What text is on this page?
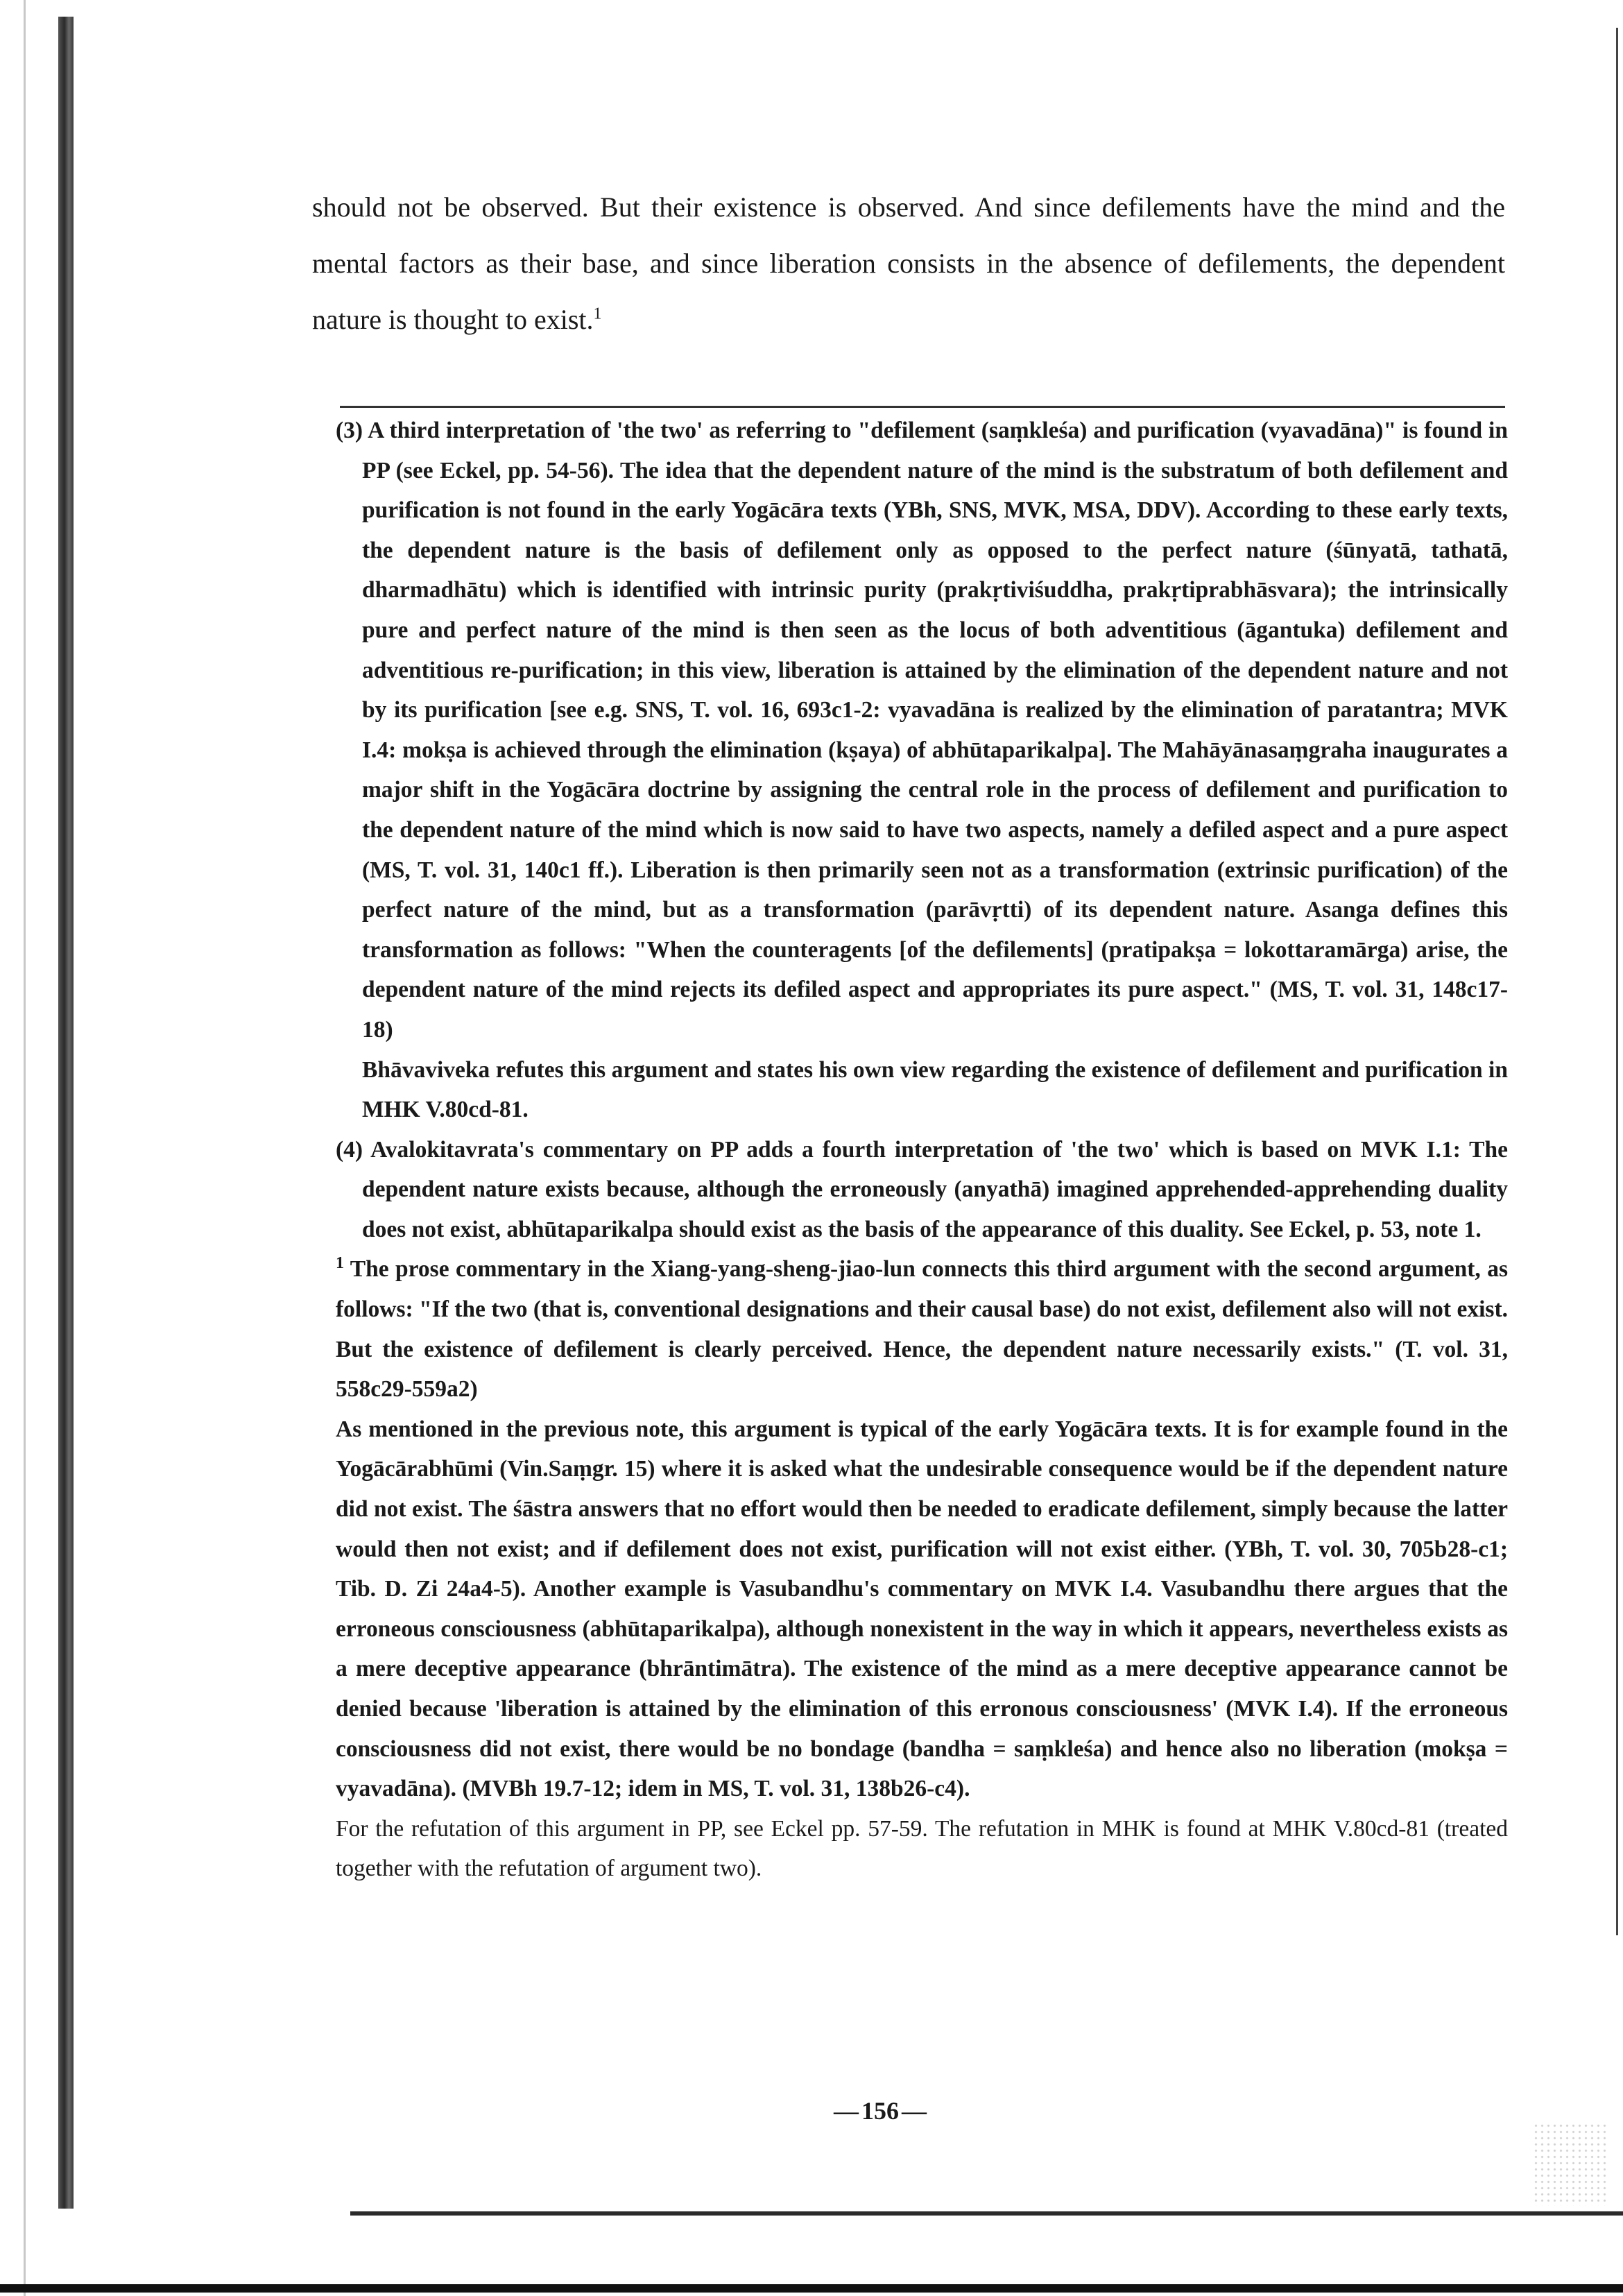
should not be observed. But their existence is observed. And since defilements have the mind and the mental factors as their base, and since liberation consists in the absence of defilements, the dependent nature is thought to exist.$^1$

(3) A third interpretation of 'the two' as referring to "defilement (saṃkleśa) and purification (vyavadāna)" is found in PP (see Eckel, pp. 54-56). The idea that the dependent nature of the mind is the substratum of both defilement and purification is not found in the early Yogācāra texts (YBh, SNS, MVK, MSA, DDV). According to these early texts, the dependent nature is the basis of defilement only as opposed to the perfect nature (śūnyatā, tathatā, dharmadhātu) which is identified with intrinsic purity (prakṛtiviśuddha, prakṛtiprabhāsvara); the intrinsically pure and perfect nature of the mind is then seen as the locus of both adventitious (āgantuka) defilement and adventitious re-purification; in this view, liberation is attained by the elimination of the dependent nature and not by its purification [see e.g. SNS, T. vol. 16, 693c1-2: vyavadāna is realized by the elimination of paratantra; MVK I.4: mokṣa is achieved through the elimination (kṣaya) of abhūtaparikalpa]. The Mahāyānasaṃgraha inaugurates a major shift in the Yogācāra doctrine by assigning the central role in the process of defilement and purification to the dependent nature of the mind which is now said to have two aspects, namely a defiled aspect and a pure aspect (MS, T. vol. 31, 140c1 ff.). Liberation is then primarily seen not as a transformation (extrinsic purification) of the perfect nature of the mind, but as a transformation (parāvṛtti) of its dependent nature. Asanga defines this transformation as follows: "When the counteragents [of the defilements] (pratipakṣa = lokottaramārga) arise, the dependent nature of the mind rejects its defiled aspect and appropriates its pure aspect." (MS, T. vol. 31, 148c17-18)

Bhāvaviveka refutes this argument and states his own view regarding the existence of defilement and purification in MHK V.80cd-81.

(4) Avalokitavrata's commentary on PP adds a fourth interpretation of 'the two' which is based on MVK I.1: The dependent nature exists because, although the erroneously (anyathā) imagined apprehended-apprehending duality does not exist, abhūtaparikalpa should exist as the basis of the appearance of this duality. See Eckel, p. 53, note 1.

$^1$ The prose commentary in the Xiang-yang-sheng-jiao-lun connects this third argument with the second argument, as follows: "If the two (that is, conventional designations and their causal base) do not exist, defilement also will not exist. But the existence of defilement is clearly perceived. Hence, the dependent nature necessarily exists." (T. vol. 31, 558c29-559a2)

As mentioned in the previous note, this argument is typical of the early Yogācāra texts. It is for example found in the Yogācārabhūmi (Vin.Saṃgr. 15) where it is asked what the undesirable consequence would be if the dependent nature did not exist. The śāstra answers that no effort would then be needed to eradicate defilement, simply because the latter would then not exist; and if defilement does not exist, purification will not exist either. (YBh, T. vol. 30, 705b28-c1; Tib. D. Zi 24a4-5). Another example is Vasubandhu's commentary on MVK I.4. Vasubandhu there argues that the erroneous consciousness (abhūtaparikalpa), although nonexistent in the way in which it appears, nevertheless exists as a mere deceptive appearance (bhrāntimātra). The existence of the mind as a mere deceptive appearance cannot be denied because 'liberation is attained by the elimination of this erronous consciousness' (MVK I.4). If the erroneous consciousness did not exist, there would be no bondage (bandha = saṃkleśa) and hence also no liberation (mokṣa = vyavadāna). (MVBh 19.7-12; idem in MS, T. vol. 31, 138b26-c4).

For the refutation of this argument in PP, see Eckel pp. 57-59. The refutation in MHK is found at MHK V.80cd-81 (treated together with the refutation of argument two).

— 156 —
